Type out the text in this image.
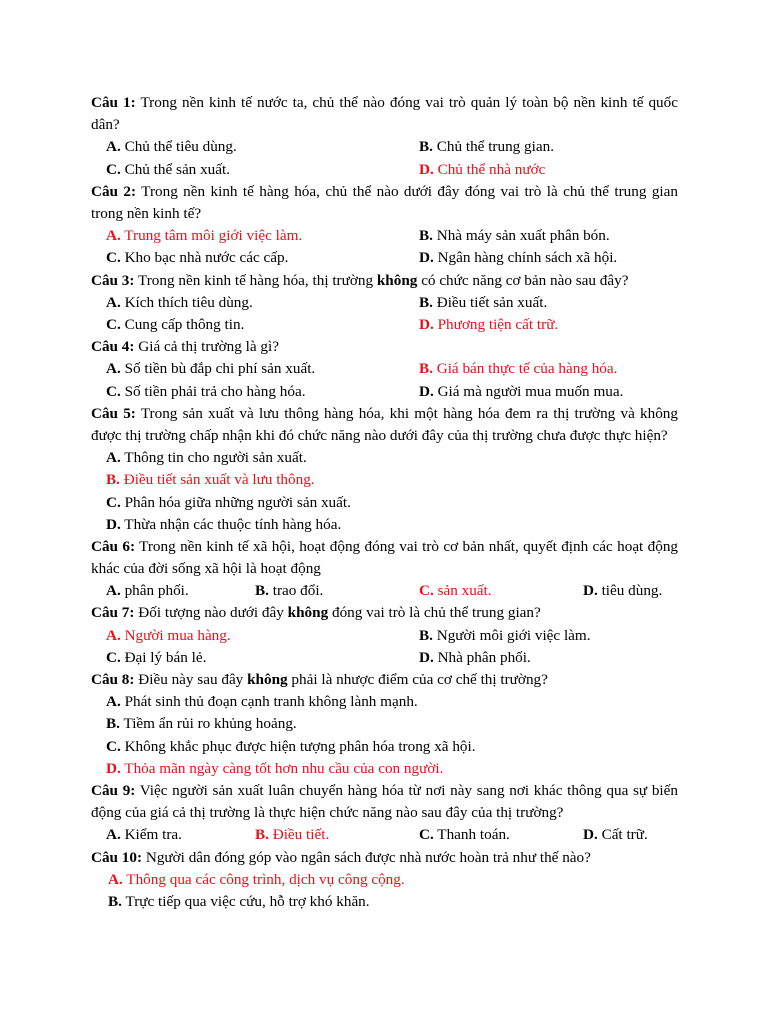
Câu 1: Trong nền kinh tế nước ta, chủ thể nào đóng vai trò quản lý toàn bộ nền kinh tế quốc dân?
A. Chủ thể tiêu dùng.	B. Chủ thể trung gian.
C. Chủ thể sản xuất.	D. Chủ thể nhà nước
Câu 2: Trong nền kinh tế hàng hóa, chủ thể nào dưới đây đóng vai trò là chủ thể trung gian trong nền kinh tế?
A. Trung tâm môi giới việc làm.	B. Nhà máy sản xuất phân bón.
C. Kho bạc nhà nước các cấp.	D. Ngân hàng chính sách xã hội.
Câu 3: Trong nền kinh tế hàng hóa, thị trường không có chức năng cơ bản nào sau đây?
A. Kích thích tiêu dùng.	B. Điều tiết sản xuất.
C. Cung cấp thông tin.	D. Phương tiện cất trữ.
Câu 4: Giá cả thị trường là gì?
A. Số tiền bù đắp chi phí sản xuất.	B. Giá bán thực tế của hàng hóa.
C. Số tiền phải trả cho hàng hóa.	D. Giá mà người mua muốn mua.
Câu 5: Trong sản xuất và lưu thông hàng hóa, khi một hàng hóa đem ra thị trường và không được thị trường chấp nhận khi đó chức năng nào dưới đây của thị trường chưa được thực hiện?
A. Thông tin cho người sản xuất.
B. Điều tiết sản xuất và lưu thông.
C. Phân hóa giữa những người sản xuất.
D. Thừa nhận các thuộc tính hàng hóa.
Câu 6: Trong nền kinh tế xã hội, hoạt động đóng vai trò cơ bản nhất, quyết định các hoạt động khác của đời sống xã hội là hoạt động
A. phân phối.	B. trao đổi.	C. sản xuất.	D. tiêu dùng.
Câu 7: Đối tượng nào dưới đây không đóng vai trò là chủ thể trung gian?
A. Người mua hàng.	B. Người môi giới việc làm.
C. Đại lý bán lẻ.	D. Nhà phân phối.
Câu 8: Điều này sau đây không phải là nhược điểm của cơ chế thị trường?
A. Phát sinh thủ đoạn cạnh tranh không lành mạnh.
B. Tiềm ẩn rủi ro khủng hoảng.
C. Không khắc phục được hiện tượng phân hóa trong xã hội.
D. Thỏa mãn ngày càng tốt hơn nhu cầu của con người.
Câu 9: Việc người sản xuất luân chuyển hàng hóa từ nơi này sang nơi khác thông qua sự biến động của giá cả thị trường là thực hiện chức năng nào sau đây của thị trường?
A. Kiểm tra.	B. Điều tiết.	C. Thanh toán.	D. Cất trữ.
Câu 10: Người dân đóng góp vào ngân sách được nhà nước hoàn trả như thế nào?
A. Thông qua các công trình, dịch vụ công cộng.
B. Trực tiếp qua việc cứu, hỗ trợ khó khăn.
